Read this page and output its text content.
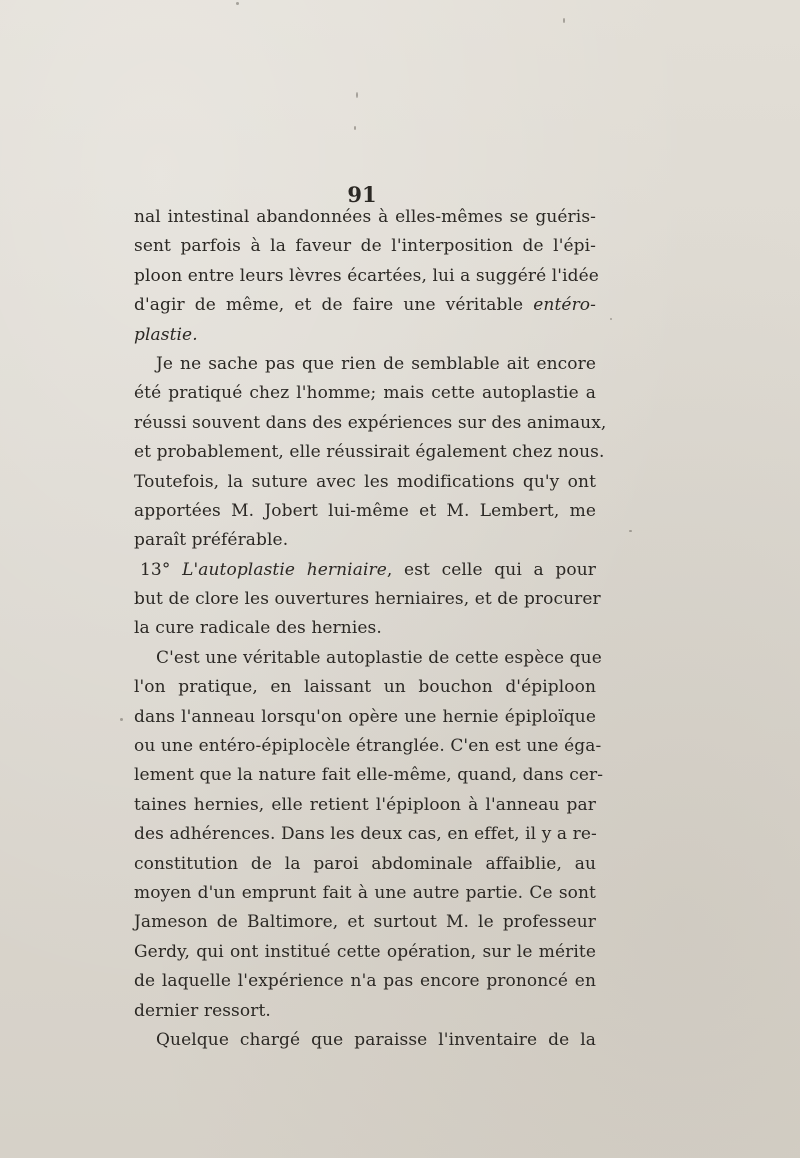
91
nal intestinal abandonnées à elles-mêmes se guéris-
sent parfois à la faveur de l'interposition de l'épi-
ploon entre leurs lèvres écartées, lui a suggéré l'idée
d'agir de même, et de faire une véritable entéro-
plastie.
Je ne sache pas que rien de semblable ait encore
été pratiqué chez l'homme; mais cette autoplastie a
réussi souvent dans des expériences sur des animaux,
et probablement, elle réussirait également chez nous.
Toutefois, la suture avec les modifications qu'y ont
apportées M. Jobert lui-même et M. Lembert, me
paraît préférable.
13° L'autoplastie herniaire, est celle qui a pour
but de clore les ouvertures herniaires, et de procurer
la cure radicale des hernies.
C'est une véritable autoplastie de cette espèce que
l'on pratique, en laissant un bouchon d'épiploon
dans l'anneau lorsqu'on opère une hernie épiploïque
ou une entéro-épiplocèle étranglée. C'en est une éga-
lement que la nature fait elle-même, quand, dans cer-
taines hernies, elle retient l'épiploon à l'anneau par
des adhérences. Dans les deux cas, en effet, il y a re-
constitution de la paroi abdominale affaiblie, au
moyen d'un emprunt fait à une autre partie. Ce sont
Jameson de Baltimore, et surtout M. le professeur
Gerdy, qui ont institué cette opération, sur le mérite
de laquelle l'expérience n'a pas encore prononcé en
dernier ressort.
Quelque chargé que paraisse l'inventaire de la
